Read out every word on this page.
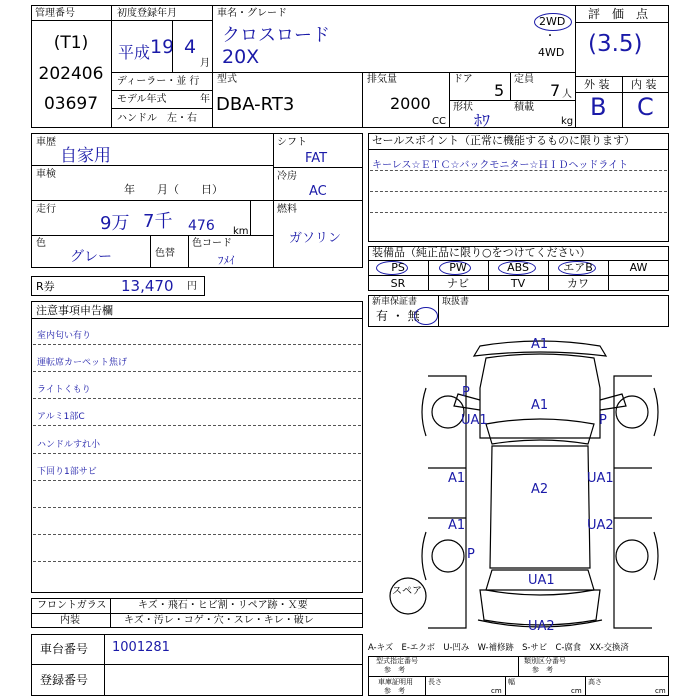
管理番号
(T1)
202406
03697
初度登録年月
平成 19 4
月
ディーラー・並 行
モデル年式	年
ハンドル　左・右
車名・グレード
クロスロード
20X
2WD
・
4WD
型式
DBA-RT3
排気量
2000
CC
ドア
5
定員
7 人
形状
ﾎﾜ
積載
kg
評　価　点
(3.5)
外 装 内 装
B C
車歴
自家用
車検
年　　月（　　日）
走行
9万 7千 476 km
色
グレー	色替
色コード
ﾌﾒｲ
シフト
FAT
冷房
AC
燃料
ガソリン
R券	13,470 円
セールスポイント（正常に機能するものに限ります）
キーレス☆ＥＴＣ☆バックモニター☆ＨＩＤヘッドライト
装備品（純正品に限り○をつけてください）
PS	PW	ABS	エアB	AW
SR	ナビ	TV	カワ
新車保証書
有 ・ 無
取扱書
注意事項申告欄
室内匂い有り
運転席カーペット焦げ
ライトくもり
アルミ1部C
ハンドルすれ小
下回り1部サビ
フロントガラス	キズ・飛石・ヒビ割・リペア跡・Ｘ要
内装	キズ・汚レ・コゲ・穴・スレ・キレ・破レ
車台番号 1001281
登録番号
A1
A1
P
UA1	P
A1	UA1
A2
A1	UA2
P
UA1
UA2
スペア
A-キズ　E-エクボ　U-凹み　W-補修跡　S-サビ　C-腐食　XX-交換済
型式指定番号
参　考
類別区分番号
参　考
車庫証明用
参　考
長さ
cm
幅
cm
高さ
cm
